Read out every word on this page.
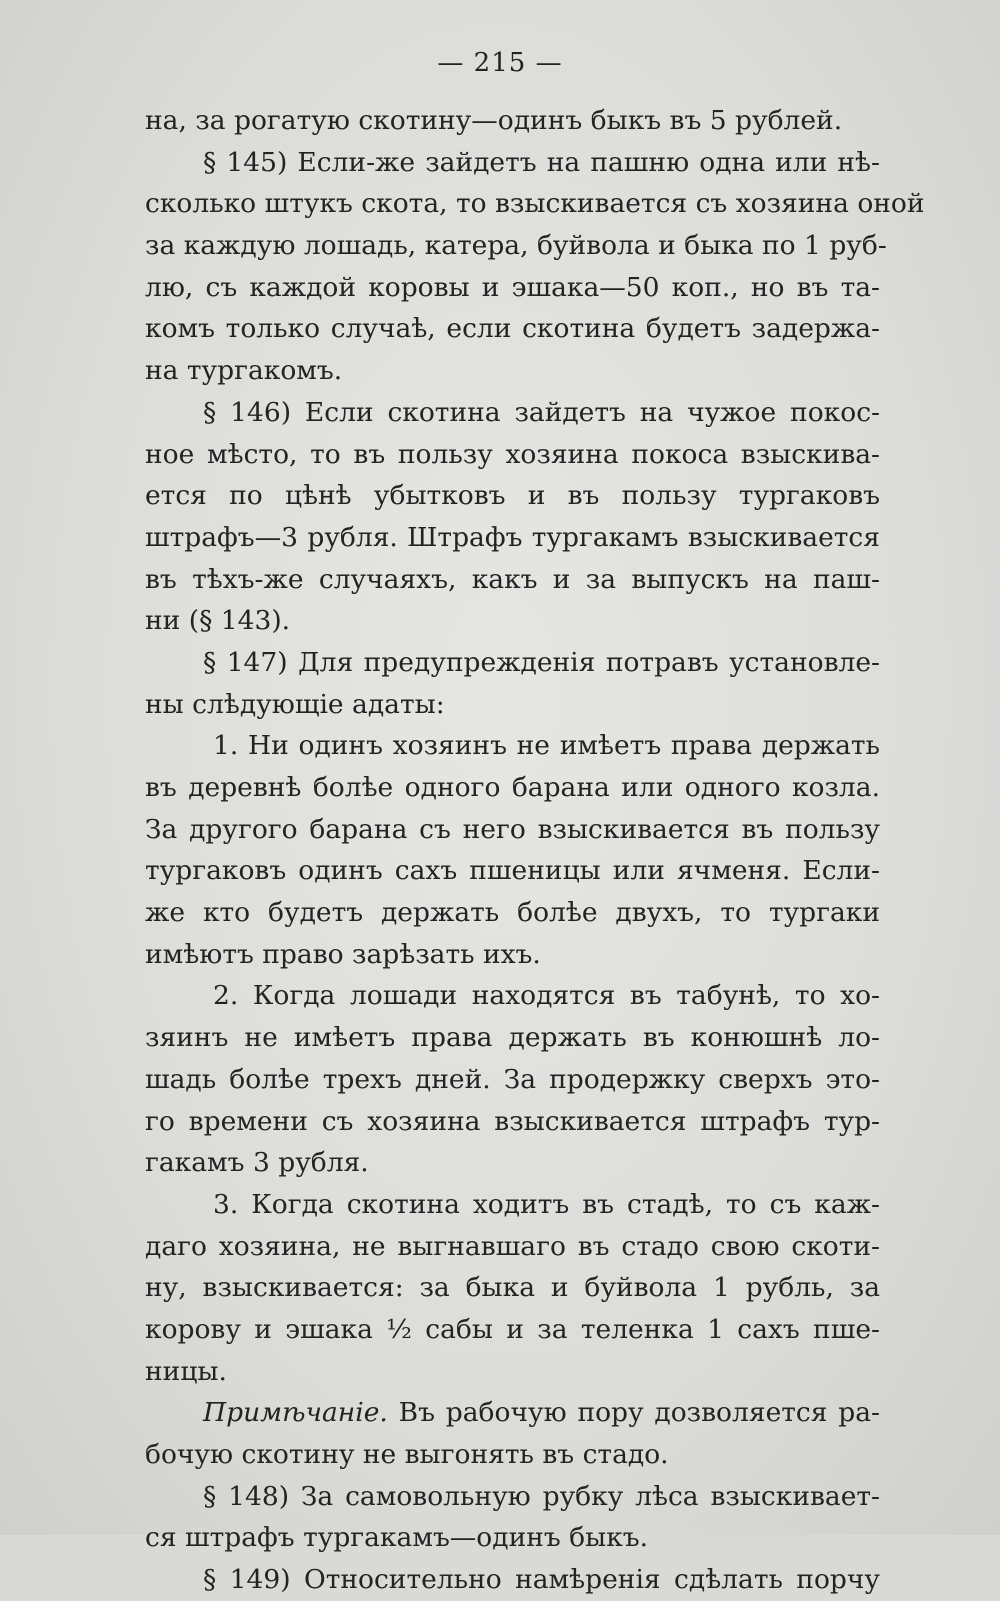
— 215 —
на, за рогатую скотину—одинъ быкъ въ 5 рублей.
§ 145) Если-же зайдетъ на пашню одна или нѣ-
сколько штукъ скота, то взыскивается съ хозяина оной
за каждую лошадь, катера, буйвола и быка по 1 руб-
лю, съ каждой коровы и эшака—50 коп., но въ та-
комъ только случаѣ, если скотина будетъ задержа-
на тургакомъ.
§ 146) Если скотина зайдетъ на чужое покос-
ное мѣсто, то въ пользу хозяина покоса взыскива-
ется по цѣнѣ убытковъ и въ пользу тургаковъ
штрафъ—3 рубля. Штрафъ тургакамъ взыскивается
въ тѣхъ-же случаяхъ, какъ и за выпускъ на паш-
ни (§ 143).
§ 147) Для предупрежденія потравъ установле-
ны слѣдующіе адаты:
1. Ни одинъ хозяинъ не имѣетъ права держать
въ деревнѣ болѣе одного барана или одного козла.
За другого барана съ него взыскивается въ пользу
тургаковъ одинъ сахъ пшеницы или ячменя. Если-
же кто будетъ держать болѣе двухъ, то тургаки
имѣютъ право зарѣзать ихъ.
2. Когда лошади находятся въ табунѣ, то хо-
зяинъ не имѣетъ права держать въ конюшнѣ ло-
шадь болѣе трехъ дней. За продержку сверхъ это-
го времени съ хозяина взыскивается штрафъ тур-
гакамъ 3 рубля.
3. Когда скотина ходитъ въ стадѣ, то съ каж-
даго хозяина, не выгнавшаго въ стадо свою скоти-
ну, взыскивается: за быка и буйвола 1 рубль, за
корову и эшака ½ сабы и за теленка 1 сахъ пше-
ницы.
Примѣчаніе. Въ рабочую пору дозволяется ра-
бочую скотину не выгонять въ стадо.
§ 148) За самовольную рубку лѣса взыскивает-
ся штрафъ тургакамъ—одинъ быкъ.
§ 149) Относительно намѣренія сдѣлать порчу
